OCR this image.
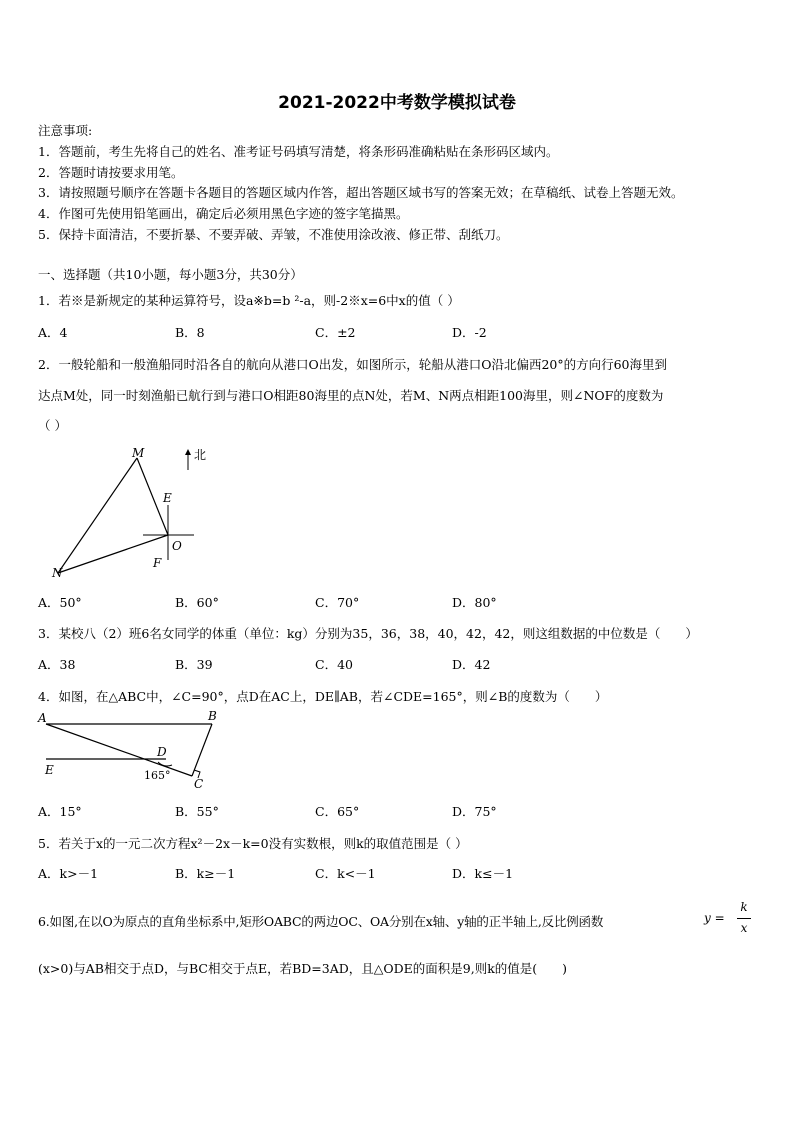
2021-2022中考数学模拟试卷
注意事项:
1．答题前，考生先将自己的姓名、准考证号码填写清楚，将条形码准确粘贴在条形码区域内。
2．答题时请按要求用笔。
3．请按照题号顺序在答题卡各题目的答题区域内作答，超出答题区域书写的答案无效；在草稿纸、试卷上答题无效。
4．作图可先使用铅笔画出，确定后必须用黑色字迹的签字笔描黑。
5．保持卡面清洁，不要折暴、不要弄破、弄皱，不准使用涂改液、修正带、刮纸刀。
一、选择题（共10小题，每小题3分，共30分）
1．若※是新规定的某种运算符号，设a※b=b ²-a，则-2※x=6中x的值（ ）
A．4	B．8	C．±2	D．-2
2．一般轮船和一般渔船同时沿各自的航向从港口O出发，如图所示，轮船从港口O沿北偏西20°的方向行60海里到
达点M处，同一时刻渔船已航行到与港口O相距80海里的点N处，若M、N两点相距100海里，则∠NOF的度数为
（ ）
北
M
N
O
E
F
A．50°	B．60°	C．70°	D．80°
3．某校八（2）班6名女同学的体重（单位：kg）分别为35，36，38，40，42，42，则这组数据的中位数是（　　）
A．38	B．39	C．40	D．42
4．如图，在△ABC中，∠C=90°，点D在AC上，DE∥AB，若∠CDE=165°，则∠B的度数为（　　）
A	B
C
D
E	165°
A．15°	B．55°	C．65°	D．75°
5．若关于x的一元二次方程x²－2x－k=0没有实数根，则k的取值范围是（ ）
A．k>－1	B．k≥－1	C．k<－1	D．k≤－1
6.如图,在以O为原点的直角坐标系中,矩形OABC的两边OC、OA分别在x轴、y轴的正半轴上,反比例函数	y =
k
x
(x>0)与AB相交于点D，与BC相交于点E，若BD=3AD，且△ODE的面积是9,则k的值是(　　)
